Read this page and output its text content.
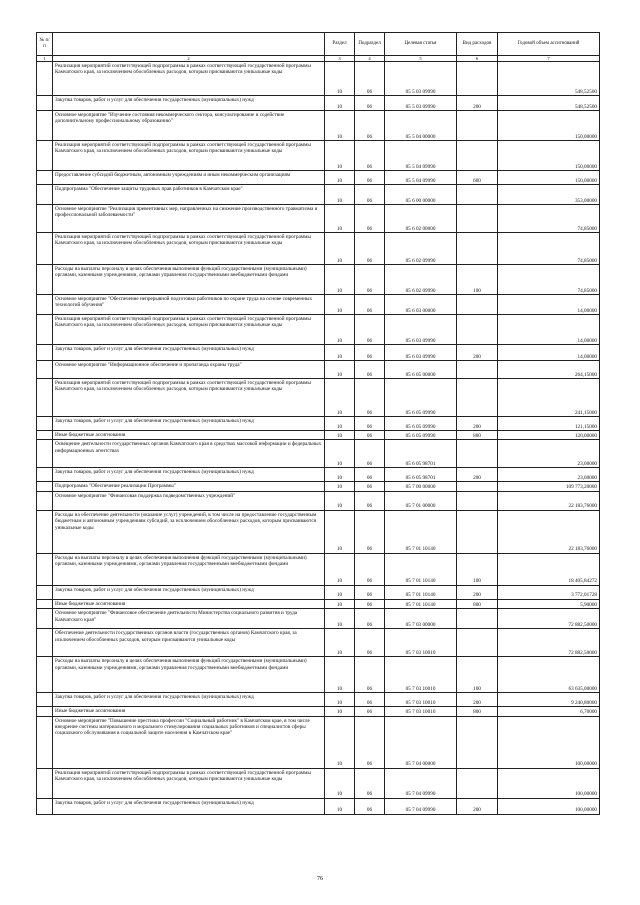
№ п/п		Раздел	Подраздел	Целевая статья	Вид расходов	Годовой объем ассигнований
1	2	3	4	5	6	7
	Реализация мероприятий соответствующей подпрограммы в рамках соответствующей государственной программы Камчатского края, за исключением обособленных расходов, которым присваиваются уникальные коды	10	06	05 5 03 09990		548,52500
	Закупка товаров, работ и услуг для обеспечения государственных (муниципальных) нужд	10	06	05 5 03 09990	200	548,52500
	Основное мероприятие "Изучение состояния некоммерческого сектора, консультирование и содействие дополнительному профессиональному образованию"	10	06	05 5 04 00000		150,00000
	Реализация мероприятий соответствующей подпрограммы в рамках соответствующей государственной программы Камчатского края, за исключением обособленных расходов, которым присваиваются уникальные коды	10	06	05 5 04 09990		150,00000
	Предоставление субсидий бюджетным, автономным учреждениям и иным некоммерческим организациям	10	06	05 5 04 09990	600	150,00000
	Подпрограмма "Обеспечение защиты трудовых прав работников в Камчатском крае"	10	06	05 6 00 00000		353,00000
	Основное мероприятие "Реализация превентивных мер, направленных на снижение производственного травматизма и профессиональной заболеваемости"	10	06	05 6 02 00000		74,85000
	Реализация мероприятий соответствующей подпрограммы в рамках соответствующей государственной программы Камчатского края, за исключением обособленных расходов, которым присваиваются уникальные коды	10	06	05 6 02 09990		74,85000
	Расходы на выплаты персоналу в целях обеспечения выполнения функций государственными (муниципальными) органами, казенными учреждениями, органами управления государственными внебюджетными фондами	10	06	05 6 02 09990	100	74,85000
	Основное мероприятие "Обеспечение непрерывной подготовки работников по охране труда на основе современных технологий обучения"	10	06	05 6 03 00000		14,00000
	Реализация мероприятий соответствующей подпрограммы в рамках соответствующей государственной программы Камчатского края, за исключением обособленных расходов, которым присваиваются уникальные коды	10	06	05 6 03 09990		14,00000
	Закупка товаров, работ и услуг для обеспечения государственных (муниципальных) нужд	10	06	05 6 03 09990	200	14,00000
	Основное мероприятие "Информационное обеспечение и пропаганда охраны труда"	10	06	05 6 05 00000		264,15000
	Реализация мероприятий соответствующей подпрограммы в рамках соответствующей государственной программы Камчатского края, за исключением обособленных расходов, которым присваиваются уникальные коды	10	06	05 6 05 09990		241,15000
	Закупка товаров, работ и услуг для обеспечения государственных (муниципальных) нужд	10	06	05 6 05 09990	200	121,15000
	Иные бюджетные ассигнования	10	06	05 6 05 09990	800	120,00000
	Освещение деятельности государственных органов Камчатского края в средствах массовой информации и федеральных информационных агентствах	10	06	05 6 05 98701		23,00000
	Закупка товаров, работ и услуг для обеспечения государственных (муниципальных) нужд	10	06	05 6 05 98701	200	23,00000
	Подпрограмма "Обеспечение реализации Программы"	10	06	05 7 00 00000		109 773,20000
	Основное мероприятие "Финансовая поддержка подведомственных учреждений"	10	06	05 7 01 00000		22 183,76000
	Расходы на обеспечение деятельности (оказание услуг) учреждений, в том числе на предоставление государственным бюджетным и автономным учреждениям субсидий, за исключением обособленных расходов, которым присваиваются уникальные коды	10	06	05 7 01 10140		22 183,76000
	Расходы на выплаты персоналу в целях обеспечения выполнения функций государственными (муниципальными) органами, казенными учреждениями, органами управления государственными внебюджетными фондами	10	06	05 7 01 10140	100	18 405,84272
	Закупка товаров, работ и услуг для обеспечения государственных (муниципальных) нужд	10	06	05 7 01 10140	200	3 772,01728
	Иные бюджетные ассигнования	10	06	05 7 01 10140	800	5,90000
	Основное мероприятие "Финансовое обеспечение деятельности Министерства социального развития и труда Камчатского края"	10	06	05 7 03 00000		72 882,50000
	Обеспечение деятельности государственных органов власти (государственных органов) Камчатского края, за исключением обособленных расходов, которым присваиваются уникальные коды	10	06	05 7 03 10010		72 882,50000
	Расходы на выплаты персоналу в целях обеспечения выполнения функций государственными (муниципальными) органами, казенными учреждениями, органами управления государственными внебюджетными фондами	10	06	05 7 03 10010	100	63 635,00000
	Закупка товаров, работ и услуг для обеспечения государственных (муниципальных) нужд	10	06	05 7 03 10010	200	9 240,80000
	Иные бюджетные ассигнования	10	06	05 7 03 10010	800	6,70000
	Основное мероприятие "Повышение престижа профессии "Социальный работник" в Камчатском крае, в том числе внедрение системы материального и морального стимулирования социальных работников и специалистов сферы социального обслуживания в социальной защите населения в Камчатском крае"	10	06	05 7 04 00000		100,00000
	Реализация мероприятий соответствующей подпрограммы в рамках соответствующей государственной программы Камчатского края, за исключением обособленных расходов, которым присваиваются уникальные коды	10	06	05 7 04 09990		100,00000
	Закупка товаров, работ и услуг для обеспечения государственных (муниципальных) нужд	10	06	05 7 04 09990	200	100,00000
76
